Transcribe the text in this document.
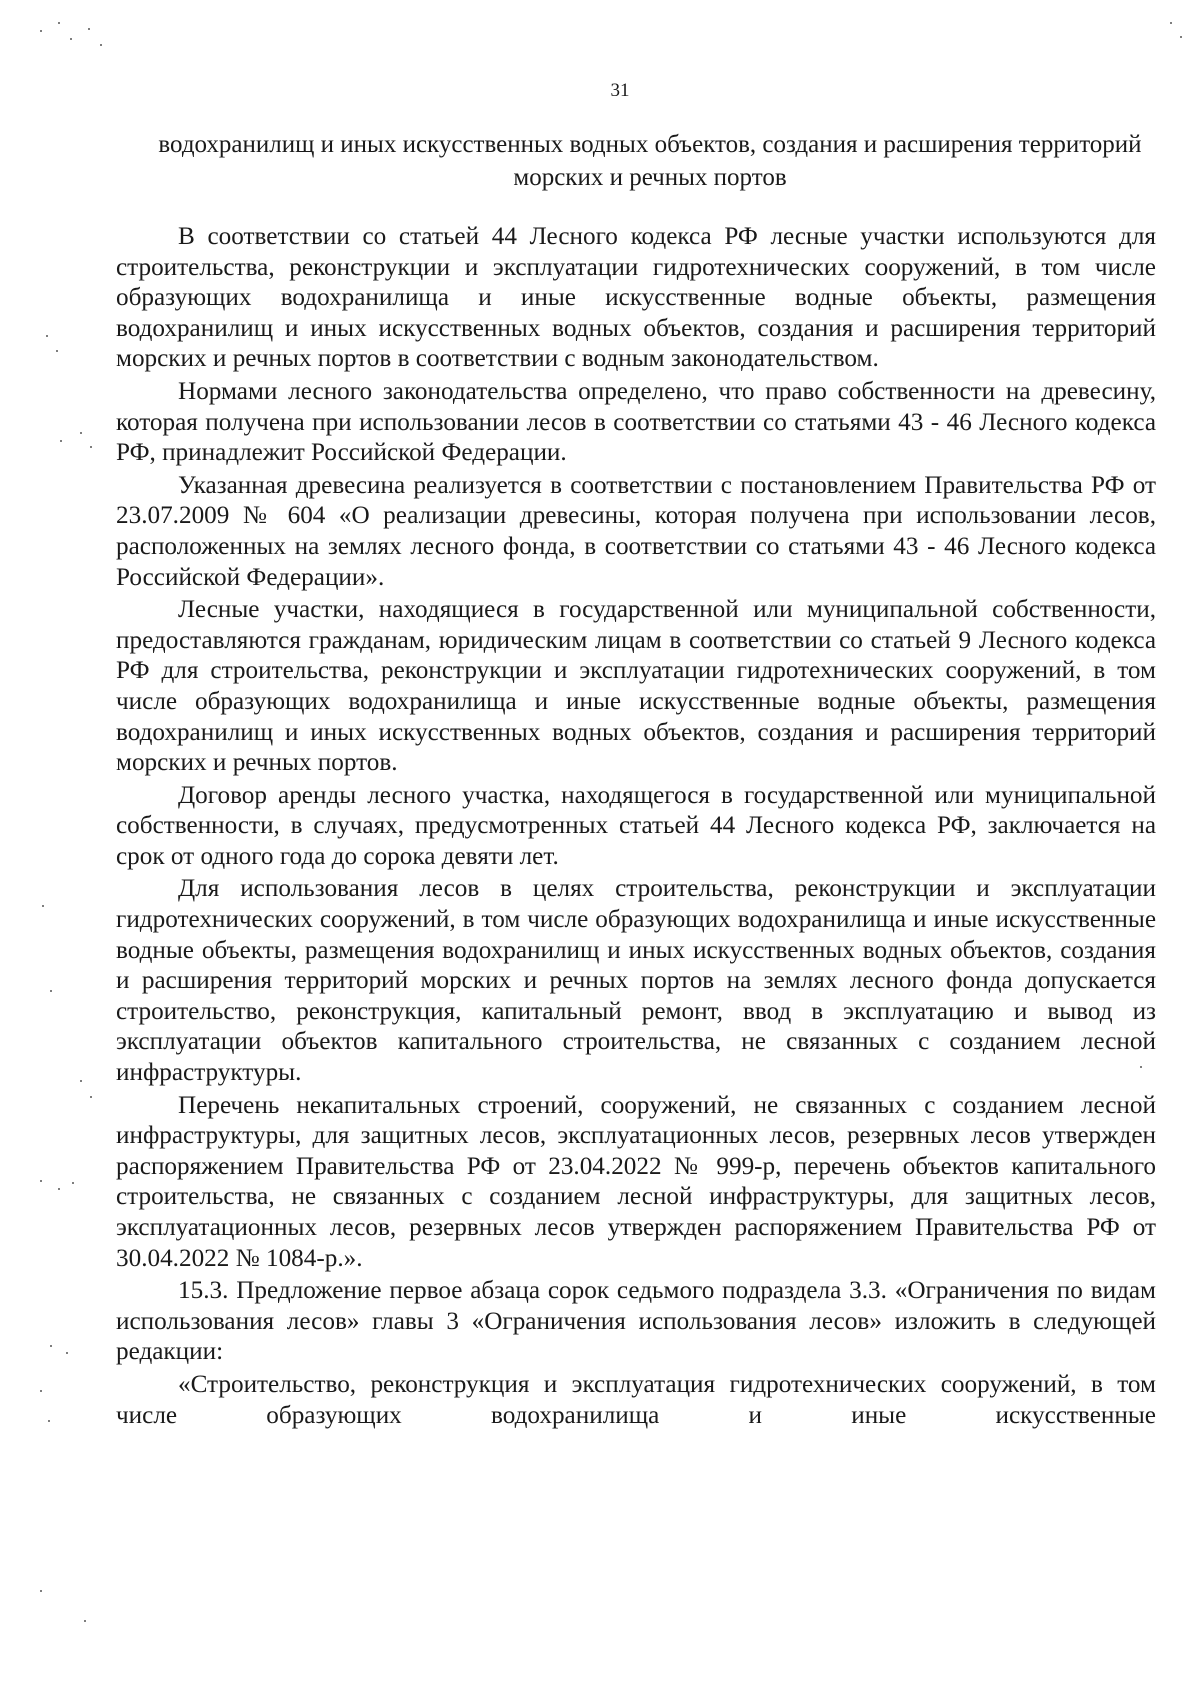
31
водохранилищ и иных искусственных водных объектов, создания и расширения территорий морских и речных портов

В соответствии со статьей 44 Лесного кодекса РФ лесные участки используются для строительства, реконструкции и эксплуатации гидротехнических сооружений, в том числе образующих водохранилища и иные искусственные водные объекты, размещения водохранилищ и иных искусственных водных объектов, создания и расширения территорий морских и речных портов в соответствии с водным законодательством.

Нормами лесного законодательства определено, что право собственности на древесину, которая получена при использовании лесов в соответствии со статьями 43 - 46 Лесного кодекса РФ, принадлежит Российской Федерации.

Указанная древесина реализуется в соответствии с постановлением Правительства РФ от 23.07.2009 № 604 «О реализации древесины, которая получена при использовании лесов, расположенных на землях лесного фонда, в соответствии со статьями 43 - 46 Лесного кодекса Российской Федерации».

Лесные участки, находящиеся в государственной или муниципальной собственности, предоставляются гражданам, юридическим лицам в соответствии со статьей 9 Лесного кодекса РФ для строительства, реконструкции и эксплуатации гидротехнических сооружений, в том числе образующих водохранилища и иные искусственные водные объекты, размещения водохранилищ и иных искусственных водных объектов, создания и расширения территорий морских и речных портов.

Договор аренды лесного участка, находящегося в государственной или муниципальной собственности, в случаях, предусмотренных статьей 44 Лесного кодекса РФ, заключается на срок от одного года до сорока девяти лет.

Для использования лесов в целях строительства, реконструкции и эксплуатации гидротехнических сооружений, в том числе образующих водохранилища и иные искусственные водные объекты, размещения водохранилищ и иных искусственных водных объектов, создания и расширения территорий морских и речных портов на землях лесного фонда допускается строительство, реконструкция, капитальный ремонт, ввод в эксплуатацию и вывод из эксплуатации объектов капитального строительства, не связанных с созданием лесной инфраструктуры.

Перечень некапитальных строений, сооружений, не связанных с созданием лесной инфраструктуры, для защитных лесов, эксплуатационных лесов, резервных лесов утвержден распоряжением Правительства РФ от 23.04.2022 № 999-р, перечень объектов капитального строительства, не связанных с созданием лесной инфраструктуры, для защитных лесов, эксплуатационных лесов, резервных лесов утвержден распоряжением Правительства РФ от 30.04.2022 № 1084-р.».

15.3. Предложение первое абзаца сорок седьмого подраздела 3.3. «Ограничения по видам использования лесов» главы 3 «Ограничения использования лесов» изложить в следующей редакции:

«Строительство, реконструкция и эксплуатация гидротехнических сооружений, в том числе образующих водохранилища и иные искусственные
